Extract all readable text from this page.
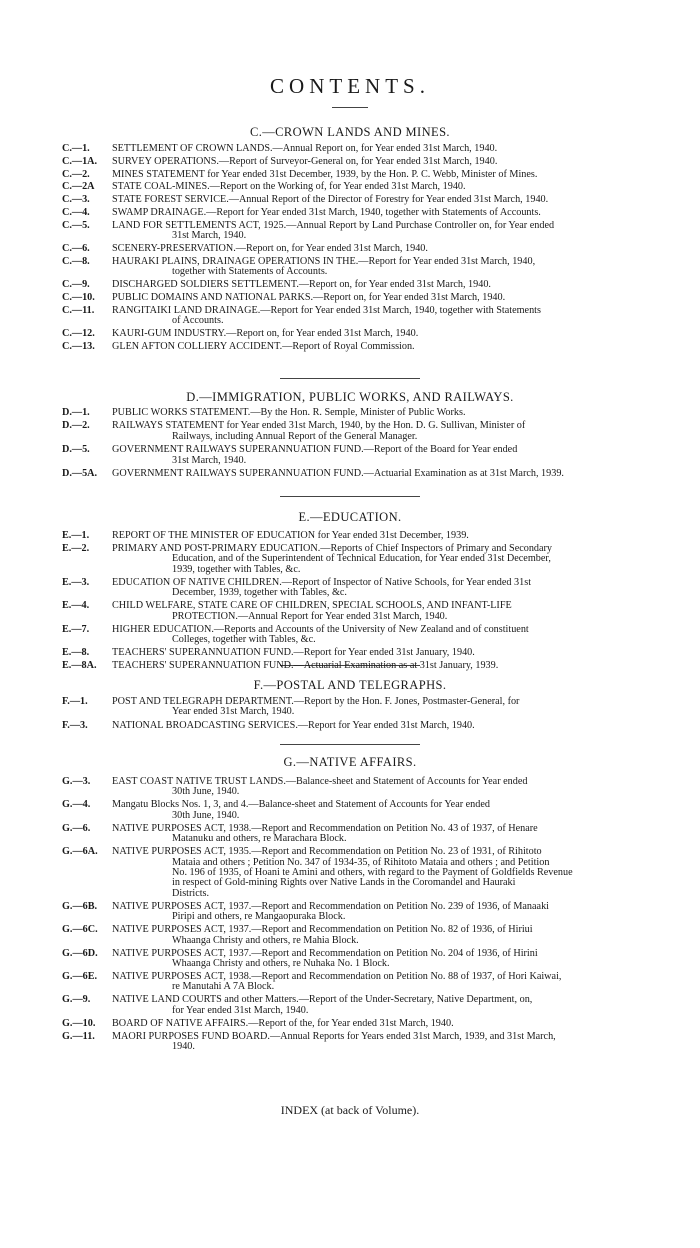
CONTENTS.
C.—CROWN LANDS AND MINES.
D.—IMMIGRATION, PUBLIC WORKS, AND RAILWAYS.
E.—EDUCATION.
F.—POSTAL AND TELEGRAPHS.
G.—NATIVE AFFAIRS.
INDEX (at back of Volume).
C.—1.	SETTLEMENT OF CROWN LANDS.—Annual Report on, for Year ended 31st March, 1940.
C.—1A.	SURVEY OPERATIONS.—Report of Surveyor-General on, for Year ended 31st March, 1940.
C.—2.	MINES STATEMENT for Year ended 31st December, 1939, by the Hon. P. C. Webb, Minister of Mines.
C.—2A	STATE COAL-MINES.—Report on the Working of, for Year ended 31st March, 1940.
C.—3.	STATE FOREST SERVICE.—Annual Report of the Director of Forestry for Year ended 31st March, 1940.
C.—4.	SWAMP DRAINAGE.—Report for Year ended 31st March, 1940, together with Statements of Accounts.
C.—5.	LAND FOR SETTLEMENTS ACT, 1925.—Annual Report by Land Purchase Controller on, for Year ended
31st March, 1940.
C.—6.	SCENERY-PRESERVATION.—Report on, for Year ended 31st March, 1940.
C.—8.	HAURAKI PLAINS, DRAINAGE OPERATIONS IN THE.—Report for Year ended 31st March, 1940,
together with Statements of Accounts.
C.—9.	DISCHARGED SOLDIERS SETTLEMENT.—Report on, for Year ended 31st March, 1940.
C.—10.	PUBLIC DOMAINS AND NATIONAL PARKS.—Report on, for Year ended 31st March, 1940.
C.—11.	RANGITAIKI LAND DRAINAGE.—Report for Year ended 31st March, 1940, together with Statements
of Accounts.
C.—12.	KAURI-GUM INDUSTRY.—Report on, for Year ended 31st March, 1940.
C.—13.	GLEN AFTON COLLIERY ACCIDENT.—Report of Royal Commission.
D.—1.	PUBLIC WORKS STATEMENT.—By the Hon. R. Semple, Minister of Public Works.
D.—2.	RAILWAYS STATEMENT for Year ended 31st March, 1940, by the Hon. D. G. Sullivan, Minister of
Railways, including Annual Report of the General Manager.
D.—5.	GOVERNMENT RAILWAYS SUPERANNUATION FUND.—Report of the Board for Year ended
31st March, 1940.
D.—5A.	GOVERNMENT RAILWAYS SUPERANNUATION FUND.—Actuarial Examination as at 31st March, 1939.
E.—1.	REPORT OF THE MINISTER OF EDUCATION for Year ended 31st December, 1939.
E.—2.	PRIMARY AND POST-PRIMARY EDUCATION.—Reports of Chief Inspectors of Primary and Secondary
Education, and of the Superintendent of Technical Education, for Year ended 31st December,
1939, together with Tables, &c.
E.—3.	EDUCATION OF NATIVE CHILDREN.—Report of Inspector of Native Schools, for Year ended 31st
December, 1939, together with Tables, &c.
E.—4.	CHILD WELFARE, STATE CARE OF CHILDREN, SPECIAL SCHOOLS, AND INFANT-LIFE
PROTECTION.—Annual Report for Year ended 31st March, 1940.
E.—7.	HIGHER EDUCATION.—Reports and Accounts of the University of New Zealand and of constituent
Colleges, together with Tables, &c.
E.—8.	TEACHERS' SUPERANNUATION FUND.—Report for Year ended 31st January, 1940.
E.—8A.	TEACHERS' SUPERANNUATION FUND.—Actuarial Examination as at 31st January, 1939.
F.—1.	POST AND TELEGRAPH DEPARTMENT.—Report by the Hon. F. Jones, Postmaster-General, for
Year ended 31st March, 1940.
F.—3.	NATIONAL BROADCASTING SERVICES.—Report for Year ended 31st March, 1940.
G.—3.	EAST COAST NATIVE TRUST LANDS.—Balance-sheet and Statement of Accounts for Year ended
30th June, 1940.
G.—4.	Mangatu Blocks Nos. 1, 3, and 4.—Balance-sheet and Statement of Accounts for Year ended
30th June, 1940.
G.—6.	NATIVE PURPOSES ACT, 1938.—Report and Recommendation on Petition No. 43 of 1937, of Henare
Matanuku and others, re Marachara Block.
G.—6A.	NATIVE PURPOSES ACT, 1935.—Report and Recommendation on Petition No. 23 of 1931, of Rihitoto
Mataia and others ; Petition No. 347 of 1934-35, of Rihitoto Mataia and others ; and Petition
No. 196 of 1935, of Hoani te Amini and others, with regard to the Payment of Goldfields Revenue
in respect of Gold-mining Rights over Native Lands in the Coromandel and Hauraki
Districts.
G.—6B.	NATIVE PURPOSES ACT, 1937.—Report and Recommendation on Petition No. 239 of 1936, of Manaaki
Piripi and others, re Mangaopuraka Block.
G.—6C.	NATIVE PURPOSES ACT, 1937.—Report and Recommendation on Petition No. 82 of 1936, of Hiriui
Whaanga Christy and others, re Mahia Block.
G.—6D.	NATIVE PURPOSES ACT, 1937.—Report and Recommendation on Petition No. 204 of 1936, of Hirini
Whaanga Christy and others, re Nuhaka No. 1 Block.
G.—6E.	NATIVE PURPOSES ACT, 1938.—Report and Recommendation on Petition No. 88 of 1937, of Hori Kaiwai,
re Manutahi A 7A Block.
G.—9.	NATIVE LAND COURTS and other Matters.—Report of the Under-Secretary, Native Department, on,
for Year ended 31st March, 1940.
G.—10.	BOARD OF NATIVE AFFAIRS.—Report of the, for Year ended 31st March, 1940.
G.—11.	MAORI PURPOSES FUND BOARD.—Annual Reports for Years ended 31st March, 1939, and 31st March,
1940.
